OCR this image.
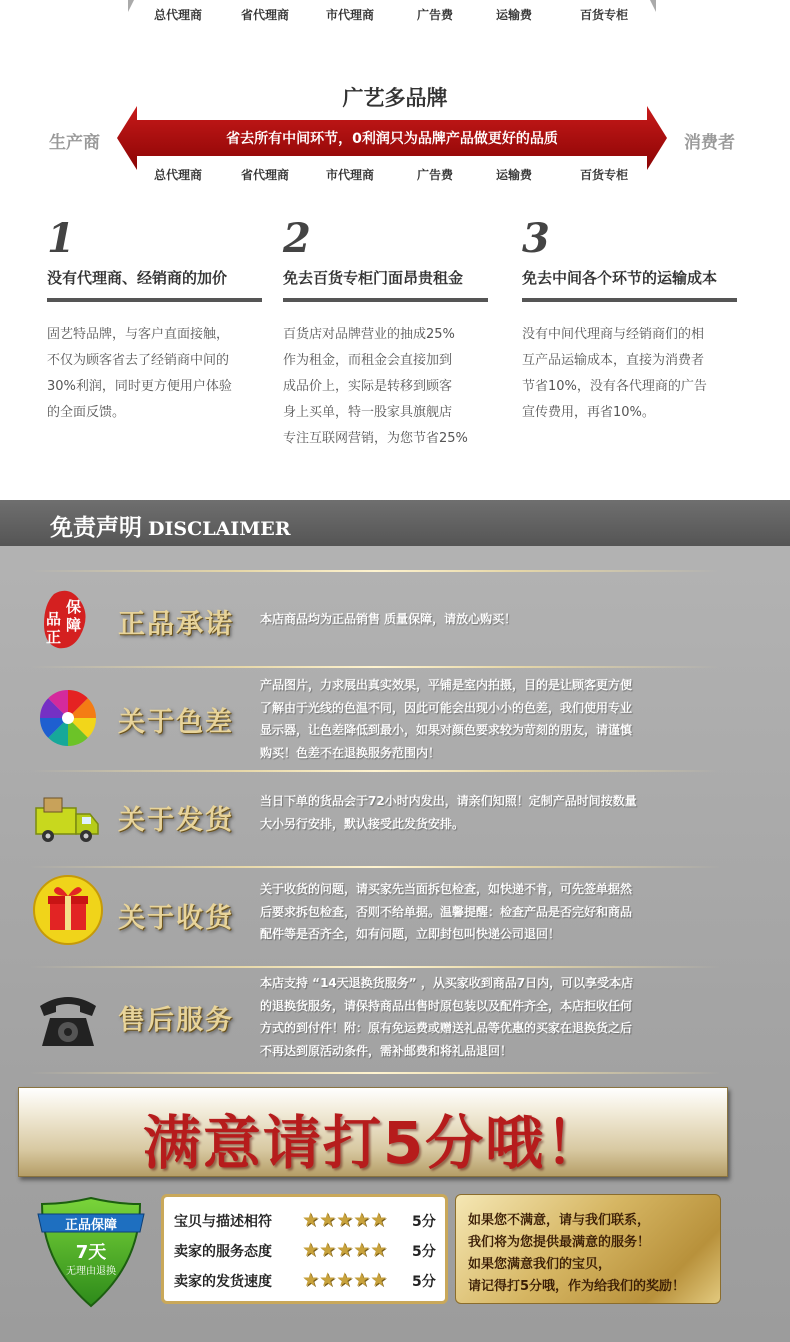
总代理商	省代理商	市代理商	广告费	运输费	百货专柜
广艺多品牌
生产商	消费者
省去所有中间环节，0利润只为品牌产品做更好的品质
总代理商	省代理商	市代理商	广告费	运输费	百货专柜
1
没有代理商、经销商的加价
固艺特品牌，与客户直面接触，
不仅为顾客省去了经销商中间的
30%利润，同时更方便用户体验
的全面反馈。
2
免去百货专柜门面昂贵租金
百货店对品牌营业的抽成25%
作为租金，而租金会直接加到
成品价上，实际是转移到顾客
身上买单，特一股家具旗舰店
专注互联网营销，为您节省25%
3
免去中间各个环节的运输成本
没有中间代理商与经销商们的相
互产品运输成本，直接为消费者
节省10%，没有各代理商的广告
宣传费用，再省10%。
免责声明 DISCLAIMER
正
品
保
障 正品承诺 本店商品均为正品销售 质量保障，请放心购买！
关于色差
产品图片，力求展出真实效果，平铺是室内拍摄，目的是让顾客更方便
了解由于光线的色温不同，因此可能会出现小小的色差，我们使用专业
显示器，让色差降低到最小，如果对颜色要求较为苛刻的朋友，请谨慎
购买！色差不在退换服务范围内！
关于发货
当日下单的货品会于72小时内发出，请亲们知照！定制产品时间按数量
大小另行安排，默认接受此发货安排。
关于收货
关于收货的问题，请买家先当面拆包检查，如快递不肯，可先签单据然
后要求拆包检查，否则不给单据。温馨提醒：检查产品是否完好和商品
配件等是否齐全，如有问题，立即封包叫快递公司退回！
售后服务
本店支持 “14天退换货服务” ，从买家收到商品7日内，可以享受本店
的退换货服务，请保持商品出售时原包装以及配件齐全，本店拒收任何
方式的到付件！附：原有免运费或赠送礼品等优惠的买家在退换货之后
不再达到原活动条件，需补邮费和将礼品退回！
满意请打5分哦！
正品保障
7天
无理由退换
宝贝与描述相符 ★★★★★ 5分
卖家的服务态度 ★★★★★ 5分
卖家的发货速度 ★★★★★ 5分
如果您不满意，请与我们联系，
我们将为您提供最满意的服务！
如果您满意我们的宝贝，
请记得打5分哦，作为给我们的奖励！
